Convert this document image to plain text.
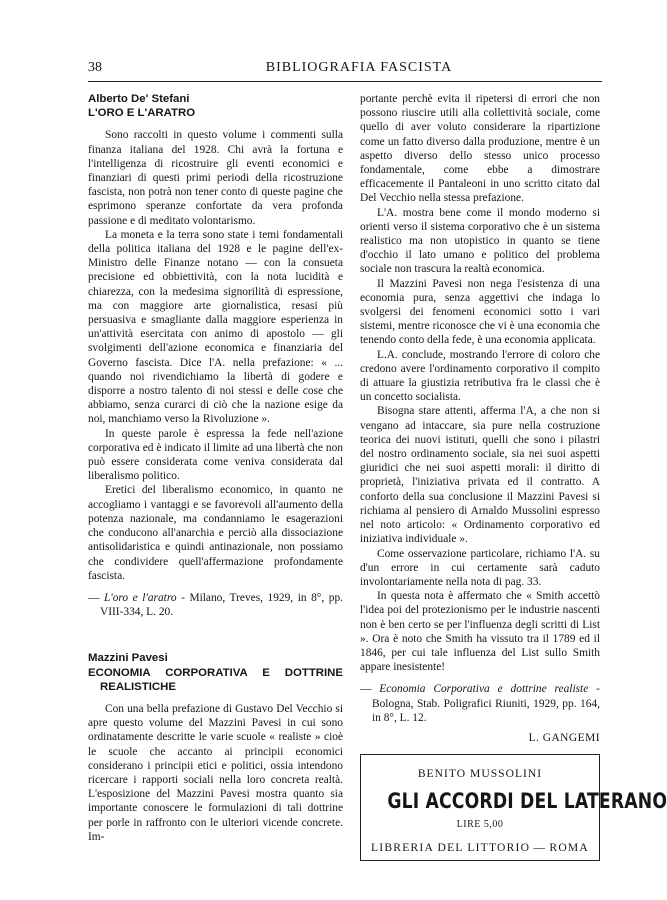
38	BIBLIOGRAFIA FASCISTA
Alberto De' Stefani
L'ORO E L'ARATRO

Sono raccolti in questo volume i commenti sulla finanza italiana del 1928. Chi avrà la fortuna e l'intelligenza di ricostruire gli eventi economici e finanziari di questi primi periodi della ricostruzione fascista, non potrà non tener conto di queste pagine che esprimono speranze confortate da vera profonda passione e di meditato volontarismo.

La moneta e la terra sono state i temi fondamentali della politica italiana del 1928 e le pagine dell'ex-Ministro delle Finanze notano — con la consueta precisione ed obbiettività, con la nota lucidità e chiarezza, con la medesima signorilità di espressione, ma con maggiore arte giornalistica, resasi più persuasiva e smagliante dalla maggiore esperienza in un'attività esercitata con animo di apostolo — gli svolgimenti dell'azione economica e finanziaria del Governo fascista. Dice l'A. nella prefazione: « ... quando noi rivendichiamo la libertà di godere e disporre a nostro talento di noi stessi e delle cose che abbiamo, senza curarci di ciò che la nazione esige da noi, manchiamo verso la Rivoluzione ».

In queste parole è espressa la fede nell'azione corporativa ed è indicato il limite ad una libertà che non può essere considerata come veniva considerata dal liberalismo politico.

Eretici del liberalismo economico, in quanto ne accogliamo i vantaggi e se favorevoli all'aumento della potenza nazionale, ma condanniamo le esagerazioni che conducono all'anarchia e perciò alla dissociazione antisolidaristica e quindi antinazionale, non possiamo che condividere quell'affermazione profondamente fascista.

— L'oro e l'aratro - Milano, Treves, 1929, in 8°, pp. VIII-334, L. 20.

Mazzini Pavesi
ECONOMIA CORPORATIVA E DOTTRINE REALISTICHE

Con una bella prefazione di Gustavo Del Vecchio si apre questo volume del Mazzini Pavesi in cui sono ordinatamente descritte le varie scuole « realiste » cioè le scuole che accanto ai principii economici considerano i principii etici e politici, ossia intendono ricercare i rapporti sociali nella loro concreta realtà. L'esposizione del Mazzini Pavesi mostra quanto sia importante conoscere le formulazioni di tali dottrine per porle in raffronto con le ulteriori vicende concrete. Im-

portante perchè evita il ripetersi di errori che non possono riuscire utili alla collettività sociale, come quello di aver voluto considerare la ripartizione come un fatto diverso dalla produzione, mentre è un aspetto diverso dello stesso unico processo fondamentale, come ebbe a dimostrare efficacemente il Pantaleoni in uno scritto citato dal Del Vecchio nella stessa prefazione.

L'A. mostra bene come il mondo moderno si orienti verso il sistema corporativo che è un sistema realistico ma non utopistico in quanto se tiene d'occhio il lato umano e politico del problema sociale non trascura la realtà economica.

Il Mazzini Pavesi non nega l'esistenza di una economia pura, senza aggettivi che indaga lo svolgersi dei fenomeni economici sotto i vari sistemi, mentre riconosce che vi è una economia che tenendo conto della fede, è una economia applicata.

L.A. conclude, mostrando l'errore di coloro che credono avere l'ordinamento corporativo il compito di attuare la giustizia retributiva fra le classi che è un concetto socialista.

Bisogna stare attenti, afferma l'A, a che non si vengano ad intaccare, sia pure nella costruzione teorica dei nuovi istituti, quelli che sono i pilastri del nostro ordinamento sociale, sia nei suoi aspetti giuridici che nei suoi aspetti morali: il diritto di proprietà, l'iniziativa privata ed il contratto. A conforto della sua conclusione il Mazzini Pavesi si richiama al pensiero di Arnaldo Mussolini espresso nel noto articolo: « Ordinamento corporativo ed iniziativa individuale ».

Come osservazione particolare, richiamo l'A. su d'un errore in cui certamente sarà caduto involontariamente nella nota di pag. 33.

In questa nota è affermato che « Smith accettò l'idea poi del protezionismo per le industrie nascenti non è ben certo se per l'influenza degli scritti di List ». Ora è noto che Smith ha vissuto tra il 1789 ed il 1846, per cui tale influenza del List sullo Smith appare inesistente!

— Economia Corporativa e dottrine realiste - Bologna, Stab. Poligrafici Riuniti, 1929, pp. 164, in 8°, L. 12.

L. GANGEMI
BENITO MUSSOLINI
GLI ACCORDI DEL LATERANO
LIRE 5,00
LIBRERIA DEL LITTORIO — ROMA
